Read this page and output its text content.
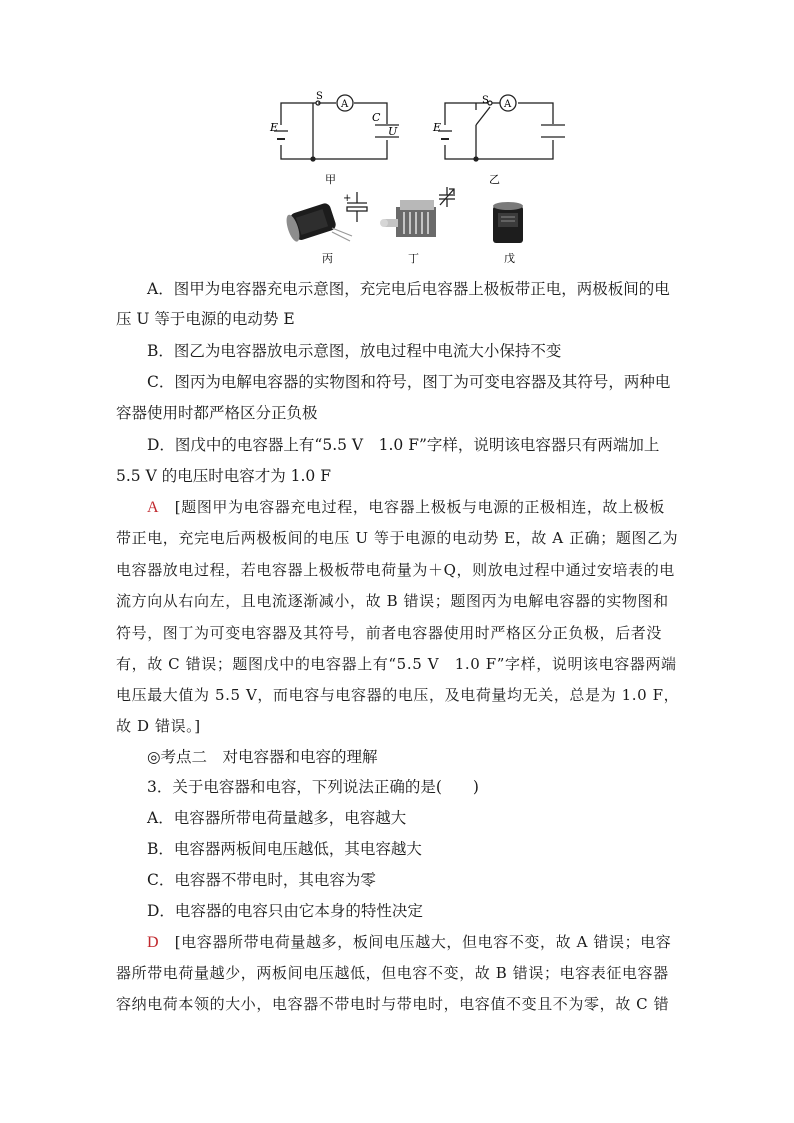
E
S
A
C
U
甲
E
S A
乙
+
丙	丁	戊
A．图甲为电容器充电示意图，充完电后电容器上极板带正电，两极板间的电
压 U 等于电源的电动势 E
B．图乙为电容器放电示意图，放电过程中电流大小保持不变
C．图丙为电解电容器的实物图和符号，图丁为可变电容器及其符号，两种电
容器使用时都严格区分正负极
D．图戊中的电容器上有“5.5 V　1.0 F”字样，说明该电容器只有两端加上
5.5 V 的电压时电容才为 1.0 F
A　 [题图甲为电容器充电过程，电容器上极板与电源的正极相连，故上极板
带正电，充完电后两极板间的电压 U 等于电源的电动势 E，故 A 正确；题图乙为
电容器放电过程，若电容器上极板带电荷量为＋Q，则放电过程中通过安培表的电
流方向从右向左，且电流逐渐减小，故 B 错误；题图丙为电解电容器的实物图和
符号，图丁为可变电容器及其符号，前者电容器使用时严格区分正负极，后者没
有，故 C 错误；题图戊中的电容器上有“5.5 V　1.0 F”字样，说明该电容器两端
电压最大值为 5.5 V，而电容与电容器的电压，及电荷量均无关，总是为 1.0 F，
故 D 错误。]
◎考点二　对电容器和电容的理解
3．关于电容器和电容，下列说法正确的是(　　)
A．电容器所带电荷量越多，电容越大
B．电容器两板间电压越低，其电容越大
C．电容器不带电时，其电容为零
D．电容器的电容只由它本身的特性决定
D　 [电容器所带电荷量越多，板间电压越大，但电容不变，故 A 错误；电容
器所带电荷量越少，两板间电压越低，但电容不变，故 B 错误；电容表征电容器
容纳电荷本领的大小，电容器不带电时与带电时，电容值不变且不为零，故 C 错
